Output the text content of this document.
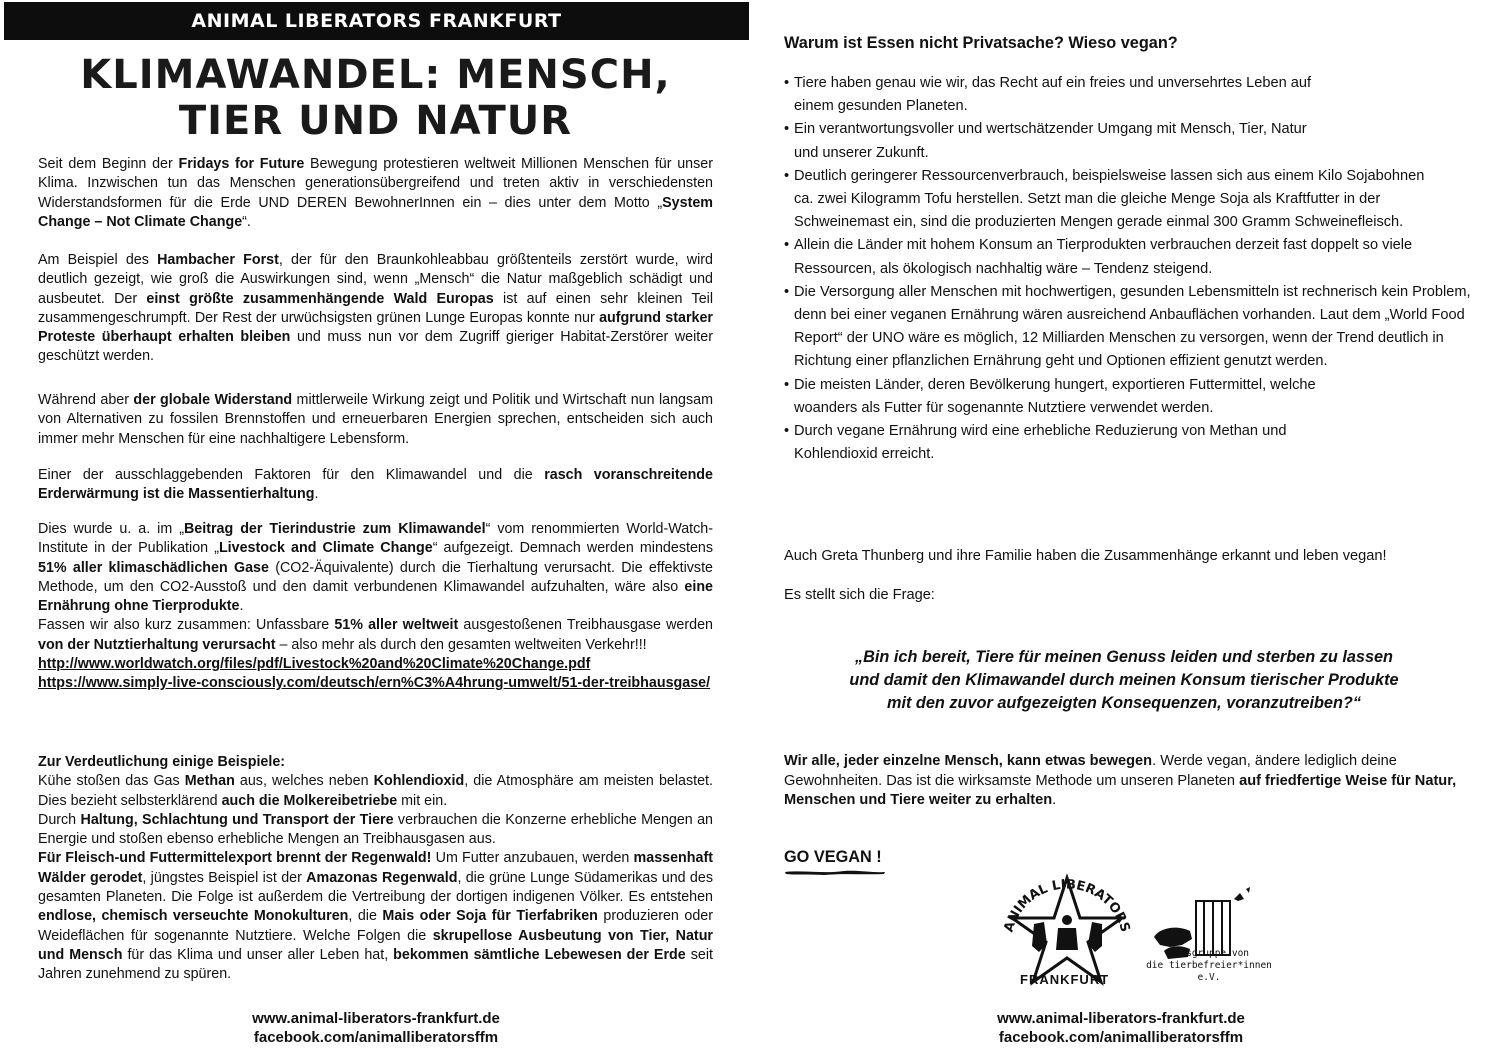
ANIMAL LIBERATORS FRANKFURT
KLIMAWANDEL: MENSCH,
TIER UND NATUR

Seit dem Beginn der Fridays for Future Bewegung protestieren weltweit Millionen Menschen für unser Klima. Inzwischen tun das Menschen generationsübergreifend und treten aktiv in verschiedensten Widerstandsformen für die Erde UND DEREN BewohnerInnen ein – dies unter dem Motto „System Change – Not Climate Change“.

Am Beispiel des Hambacher Forst, der für den Braunkohleabbau größtenteils zerstört wurde, wird deutlich gezeigt, wie groß die Auswirkungen sind, wenn „Mensch“ die Natur maßgeblich schädigt und ausbeutet. Der einst größte zusammenhängende Wald Europas ist auf einen sehr kleinen Teil zusammengeschrumpft. Der Rest der urwüchsigsten grünen Lunge Europas konnte nur aufgrund starker Proteste überhaupt erhalten bleiben und muss nun vor dem Zugriff gieriger Habitat-Zerstörer weiter geschützt werden.

Während aber der globale Widerstand mittlerweile Wirkung zeigt und Politik und Wirtschaft nun langsam von Alternativen zu fossilen Brennstoffen und erneuerbaren Energien sprechen, entscheiden sich auch immer mehr Menschen für eine nachhaltigere Lebensform.

Einer der ausschlaggebenden Faktoren für den Klimawandel und die rasch voranschreitende Erderwärmung ist die Massentierhaltung.

Dies wurde u. a. im „Beitrag der Tierindustrie zum Klimawandel“ vom renommierten World-Watch-Institute in der Publikation „Livestock and Climate Change“ aufgezeigt. Demnach werden mindestens 51% aller klimaschädlichen Gase (CO2-Äquivalente) durch die Tierhaltung verursacht. Die effektivste Methode, um den CO2-Ausstoß und den damit verbundenen Klimawandel aufzuhalten, wäre also eine Ernährung ohne Tierprodukte.

Fassen wir also kurz zusammen: Unfassbare 51% aller weltweit ausgestoßenen Treibhausgase werden von der Nutztierhaltung verursacht – also mehr als durch den gesamten weltweiten Verkehr!!!

http://www.worldwatch.org/files/pdf/Livestock%20and%20Climate%20Change.pdf

https://www.simply-live-consciously.com/deutsch/ern%C3%A4hrung-umwelt/51-der-treibhausgase/

Zur Verdeutlichung einige Beispiele:

Kühe stoßen das Gas Methan aus, welches neben Kohlendioxid, die Atmosphäre am meisten belastet. Dies bezieht selbsterklärend auch die Molkereibetriebe mit ein.

Durch Haltung, Schlachtung und Transport der Tiere verbrauchen die Konzerne erhebliche Mengen an Energie und stoßen ebenso erhebliche Mengen an Treibhausgasen aus.

Für Fleisch-und Futtermittelexport brennt der Regenwald! Um Futter anzubauen, werden massenhaft Wälder gerodet, jüngstes Beispiel ist der Amazonas Regenwald, die grüne Lunge Südamerikas und des gesamten Planeten. Die Folge ist außerdem die Vertreibung der dortigen indigenen Völker. Es entstehen endlose, chemisch verseuchte Monokulturen, die Mais oder Soja für Tierfabriken produzieren oder Weideflächen für sogenannte Nutztiere. Welche Folgen die skrupellose Ausbeutung von Tier, Natur und Mensch für das Klima und unser aller Leben hat, bekommen sämtliche Lebewesen der Erde seit Jahren zunehmend zu spüren.

www.animal-liberators-frankfurt.de
facebook.com/animalliberatorsffm
Warum ist Essen nicht Privatsache? Wieso vegan?
• Tiere haben genau wie wir, das Recht auf ein freies und unversehrtes Leben auf einem gesunden Planeten.
• Ein verantwortungsvoller und wertschätzender Umgang mit Mensch, Tier, Natur und unserer Zukunft.
• Deutlich geringerer Ressourcenverbrauch, beispielsweise lassen sich aus einem Kilo Sojabohnen ca. zwei Kilogramm Tofu herstellen. Setzt man die gleiche Menge Soja als Kraftfutter in der Schweinemast ein, sind die produzierten Mengen gerade einmal 300 Gramm Schweinefleisch.
• Allein die Länder mit hohem Konsum an Tierprodukten verbrauchen derzeit fast doppelt so viele Ressourcen, als ökologisch nachhaltig wäre – Tendenz steigend.
• Die Versorgung aller Menschen mit hochwertigen, gesunden Lebensmitteln ist rechnerisch kein Problem, denn bei einer veganen Ernährung wären ausreichend Anbauflächen vorhanden. Laut dem „World Food Report“ der UNO wäre es möglich, 12 Milliarden Menschen zu versorgen, wenn der Trend deutlich in Richtung einer pflanzlichen Ernährung geht und Optionen effizient genutzt werden.
• Die meisten Länder, deren Bevölkerung hungert, exportieren Futtermittel, welche woanders als Futter für sogenannte Nutztiere verwendet werden.
• Durch vegane Ernährung wird eine erhebliche Reduzierung von Methan und Kohlendioxid erreicht.

Auch Greta Thunberg und ihre Familie haben die Zusammenhänge erkannt und leben vegan!

Es stellt sich die Frage:

„Bin ich bereit, Tiere für meinen Genuss leiden und sterben zu lassen
und damit den Klimawandel durch meinen Konsum tierischer Produkte
mit den zuvor aufgezeigten Konsequenzen, voranzutreiben?“

Wir alle, jeder einzelne Mensch, kann etwas bewegen. Werde vegan, ändere lediglich deine Gewohnheiten. Das ist die wirksamste Methode um unseren Planeten auf friedfertige Weise für Natur, Menschen und Tiere weiter zu erhalten.

GO VEGAN !
ANIMAL LIBERATORS
FRANKFURT
Ortsgruppe von
die tierbefreier*innen e.V.
www.animal-liberators-frankfurt.de
facebook.com/animalliberatorsffm
